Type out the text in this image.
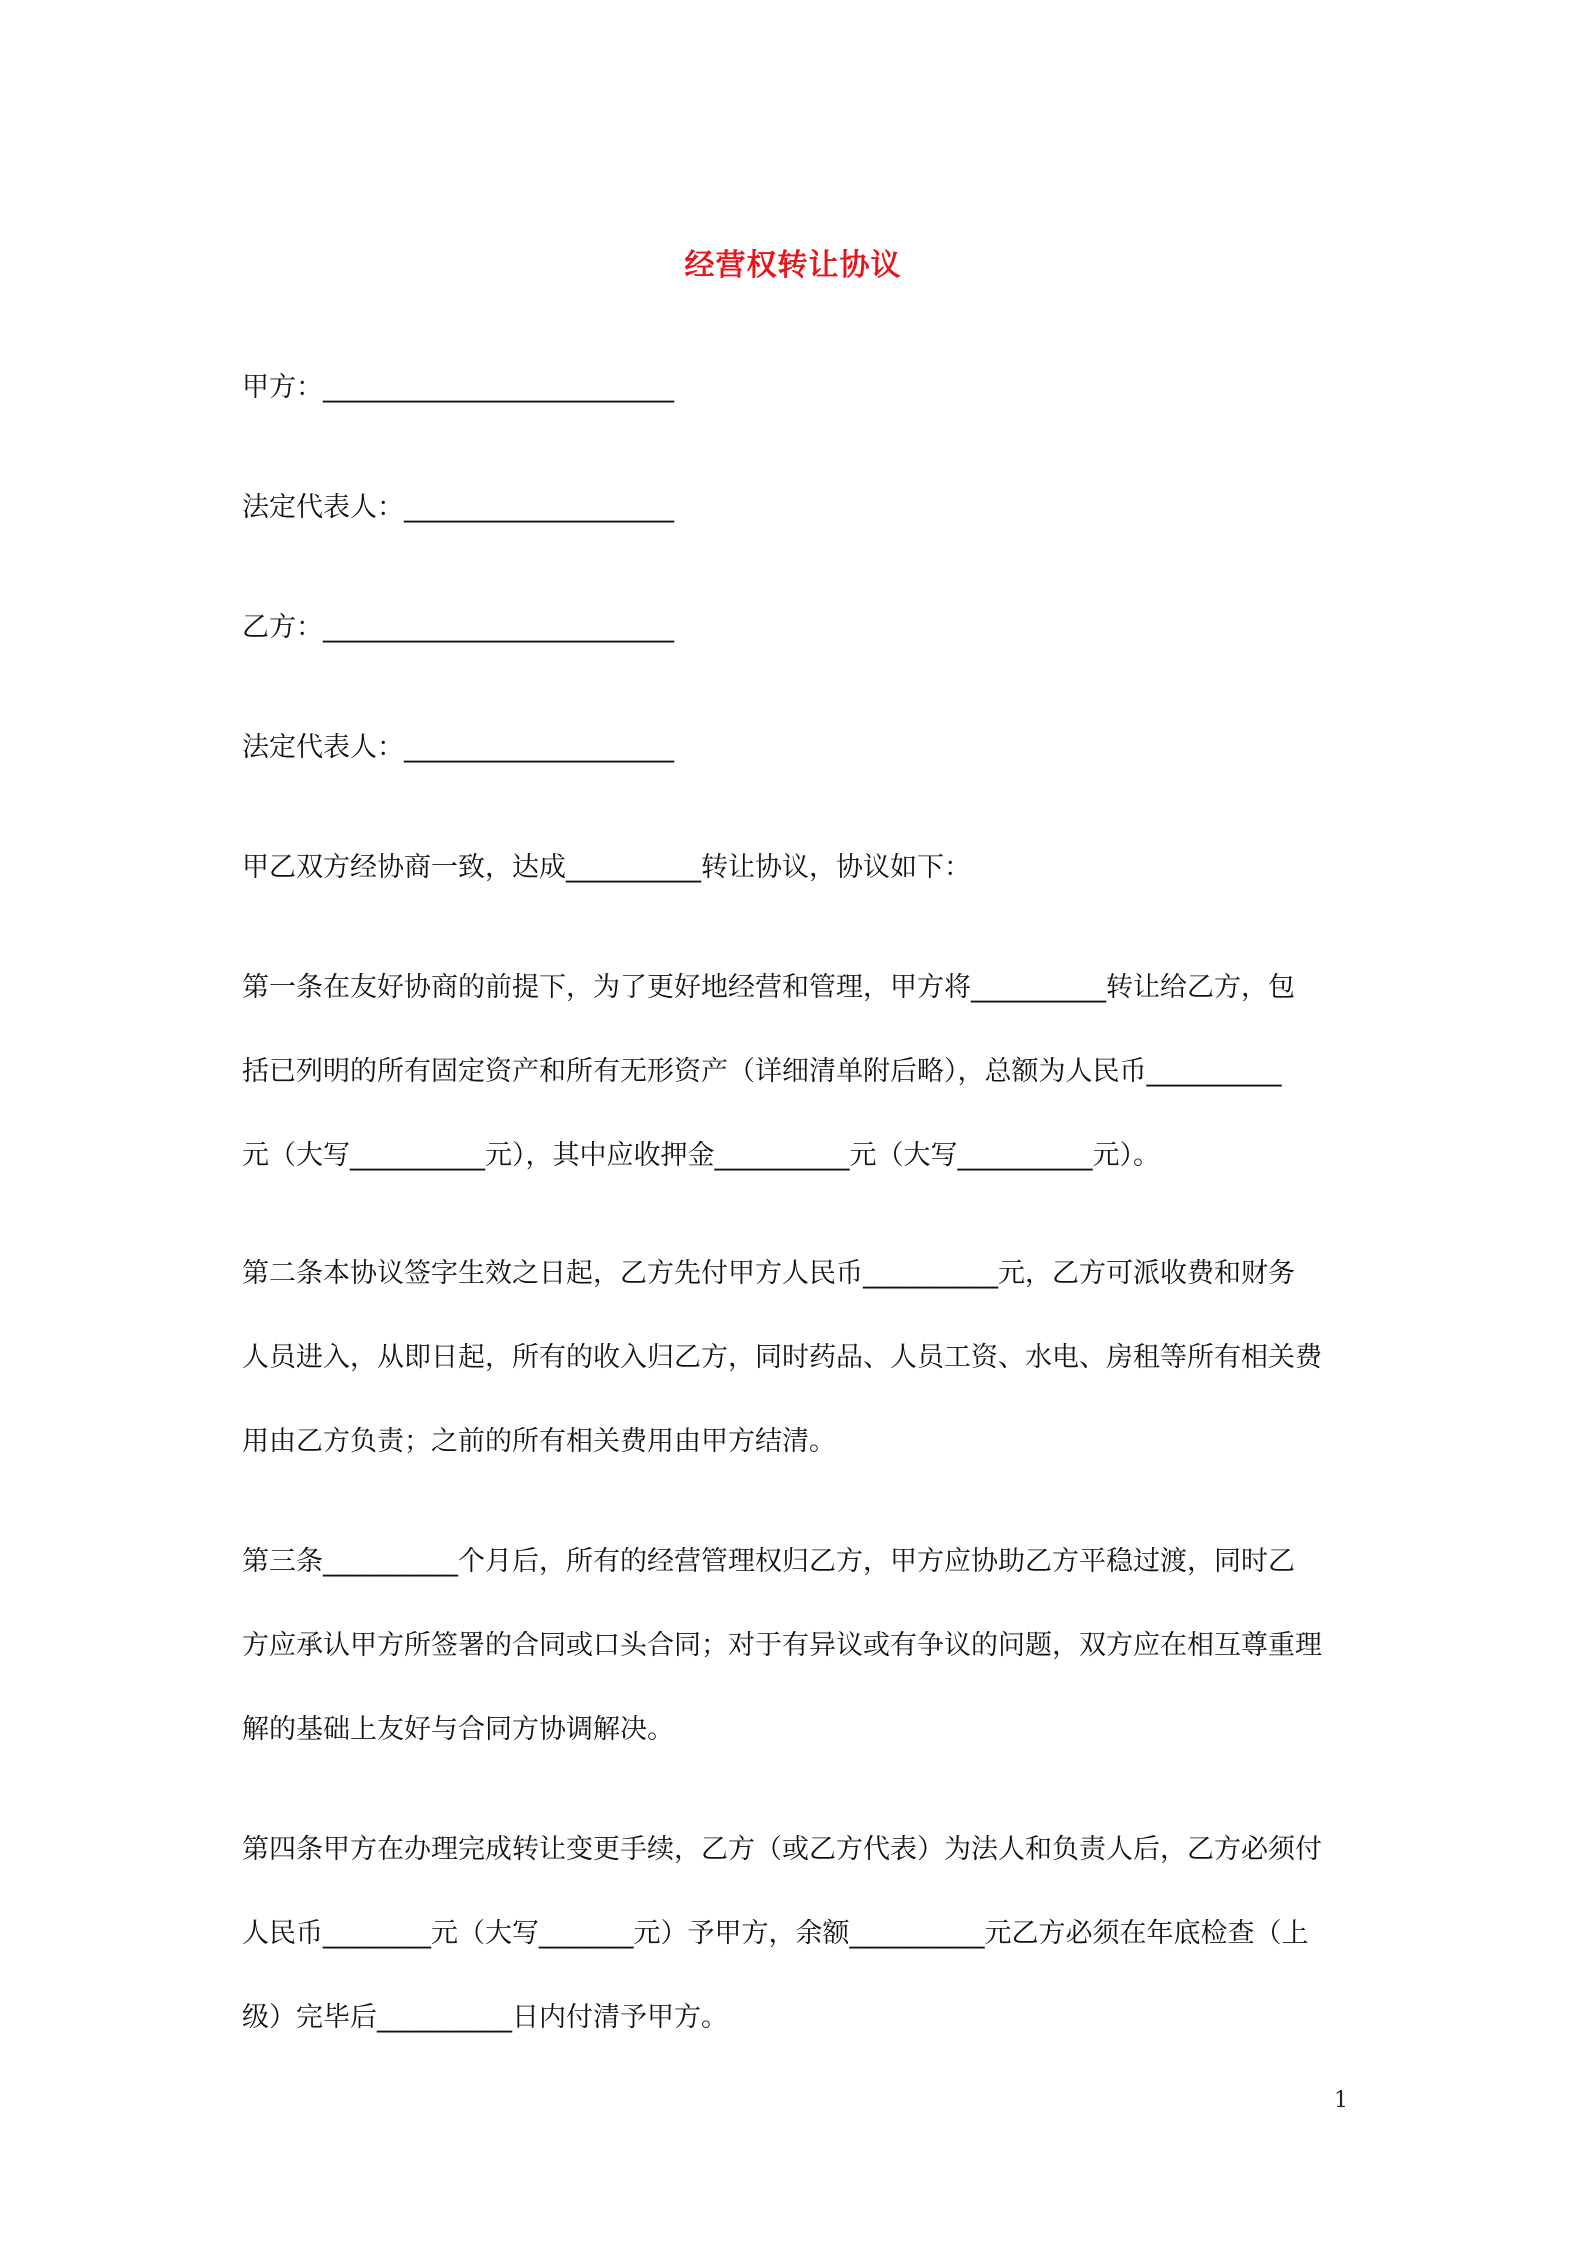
经营权转让协议
甲方：__________________________
法定代表人：____________________
乙方：__________________________
法定代表人：____________________
甲乙双方经协商一致，达成__________转让协议，协议如下：
第一条在友好协商的前提下，为了更好地经营和管理，甲方将__________转让给乙方，包
括已列明的所有固定资产和所有无形资产（详细清单附后略），总额为人民币__________
元（大写__________元），其中应收押金__________元（大写__________元）。
第二条本协议签字生效之日起，乙方先付甲方人民币__________元，乙方可派收费和财务
人员进入，从即日起，所有的收入归乙方，同时药品、人员工资、水电、房租等所有相关费
用由乙方负责；之前的所有相关费用由甲方结清。
第三条__________个月后，所有的经营管理权归乙方，甲方应协助乙方平稳过渡，同时乙
方应承认甲方所签署的合同或口头合同；对于有异议或有争议的问题，双方应在相互尊重理
解的基础上友好与合同方协调解决。
第四条甲方在办理完成转让变更手续，乙方（或乙方代表）为法人和负责人后，乙方必须付
人民币________元（大写_______元）予甲方，余额__________元乙方必须在年底检查（上
级）完毕后__________日内付清予甲方。
1
